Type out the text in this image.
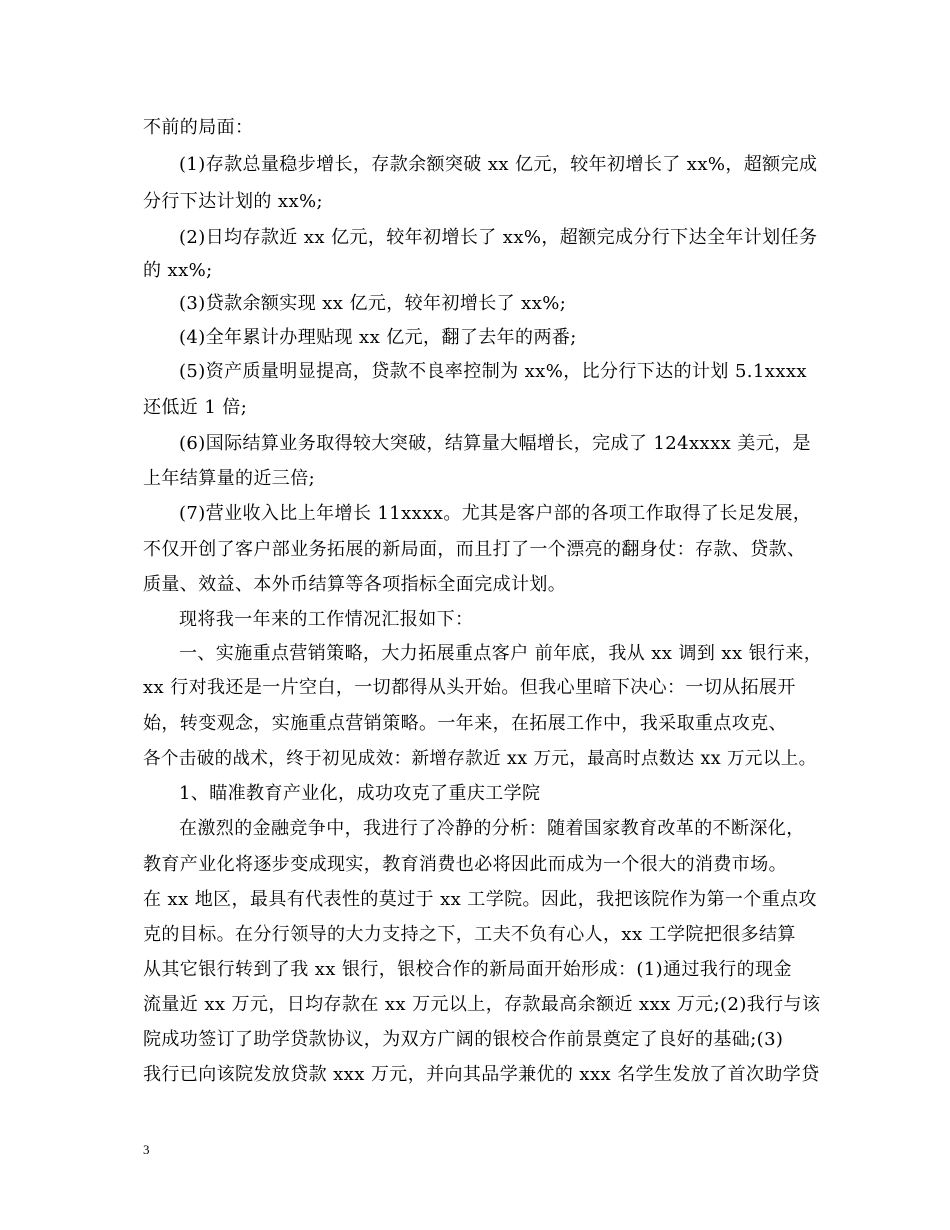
不前的局面：
(1)存款总量稳步增长，存款余额突破 xx 亿元，较年初增长了 xx%，超额完成
分行下达计划的 xx%;
(2)日均存款近 xx 亿元，较年初增长了 xx%，超额完成分行下达全年计划任务
的 xx%;
(3)贷款余额实现 xx 亿元，较年初增长了 xx%;
(4)全年累计办理贴现 xx 亿元，翻了去年的两番;
(5)资产质量明显提高，贷款不良率控制为 xx%，比分行下达的计划 5.1xxxx
还低近 1 倍;
(6)国际结算业务取得较大突破，结算量大幅增长，完成了 124xxxx 美元，是
上年结算量的近三倍;
(7)营业收入比上年增长 11xxxx。尤其是客户部的各项工作取得了长足发展，
不仅开创了客户部业务拓展的新局面，而且打了一个漂亮的翻身仗：存款、贷款、
质量、效益、本外币结算等各项指标全面完成计划。
现将我一年来的工作情况汇报如下：
一、实施重点营销策略，大力拓展重点客户 前年底，我从 xx 调到 xx 银行来，
xx 行对我还是一片空白，一切都得从头开始。但我心里暗下决心：一切从拓展开
始，转变观念，实施重点营销策略。一年来，在拓展工作中，我采取重点攻克、
各个击破的战术，终于初见成效：新增存款近 xx 万元，最高时点数达 xx 万元以上。
1、瞄准教育产业化，成功攻克了重庆工学院
在激烈的金融竞争中，我进行了冷静的分析：随着国家教育改革的不断深化，
教育产业化将逐步变成现实，教育消费也必将因此而成为一个很大的消费市场。
在 xx 地区，最具有代表性的莫过于 xx 工学院。因此，我把该院作为第一个重点攻
克的目标。在分行领导的大力支持之下，工夫不负有心人，xx 工学院把很多结算
从其它银行转到了我 xx 银行，银校合作的新局面开始形成：(1)通过我行的现金
流量近 xx 万元，日均存款在 xx 万元以上，存款最高余额近 xxx 万元;(2)我行与该
院成功签订了助学贷款协议，为双方广阔的银校合作前景奠定了良好的基础;(3)
我行已向该院发放贷款 xxx 万元，并向其品学兼优的 xxx 名学生发放了首次助学贷
3
